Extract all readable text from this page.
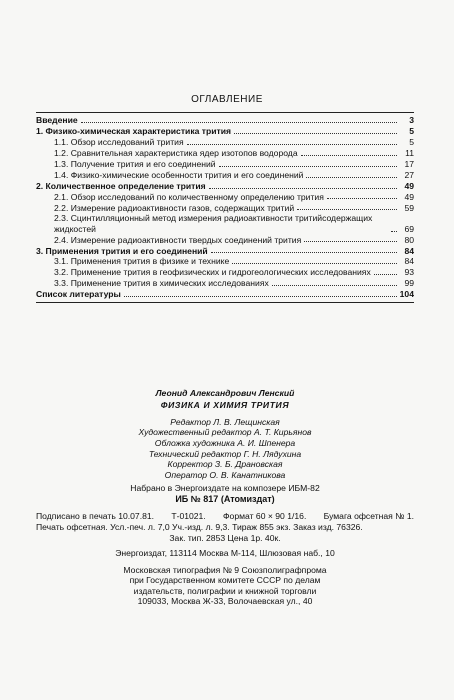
ОГЛАВЛЕНИЕ
Введение	3
1. Физико-химическая характеристика трития	5
1.1. Обзор исследований трития	5
1.2. Сравнительная характеристика ядер изотопов водорода	11
1.3. Получение трития и его соединений	17
1.4. Физико-химические особенности трития и его соединений	27
2. Количественное определение трития	49
2.1. Обзор исследований по количественному определению трития	49
2.2. Измерение радиоактивности газов, содержащих тритий	59
2.3. Сцинтилляционный метод измерения радиоактивности тритийсодержащих жидкостей	69
2.4. Измерение радиоактивности твердых соединений трития	80
3. Применения трития и его соединений	84
3.1. Применения трития в физике и технике	84
3.2. Применение трития в геофизических и гидрогеологических исследованиях	93
3.3. Применение трития в химических исследованиях	99
Список литературы	104
Леонид Александрович Ленский
ФИЗИКА И ХИМИЯ ТРИТИЯ
Редактор Л. В. Лещинская
Художественный редактор А. Т. Кирьянов
Обложка художника А. И. Шпенера
Технический редактор Г. Н. Лядухина
Корректор З. Б. Драновская
Оператор О. В. Канатникова
Набрано в Энергоиздате на композере ИБМ-82
ИБ № 817 (Атомиздат)
Подписано в печать 10.07.81. Т-01021. Формат 60 × 90 1/16. Бумага офсетная № 1.
Печать офсетная. Усл.-печ. л. 7,0 Уч.-изд. л. 9,3. Тираж 855 экз. Заказ изд. 76326.
Зак. тип. 2853 Цена 1р. 40к.
Энергоиздат, 113114 Москва М-114, Шлюзовая наб., 10
Московская типография № 9 Союзполиграфпрома
при Государственном комитете СССР по делам
издательств, полиграфии и книжной торговли
109033, Москва Ж-33, Волочаевская ул., 40
